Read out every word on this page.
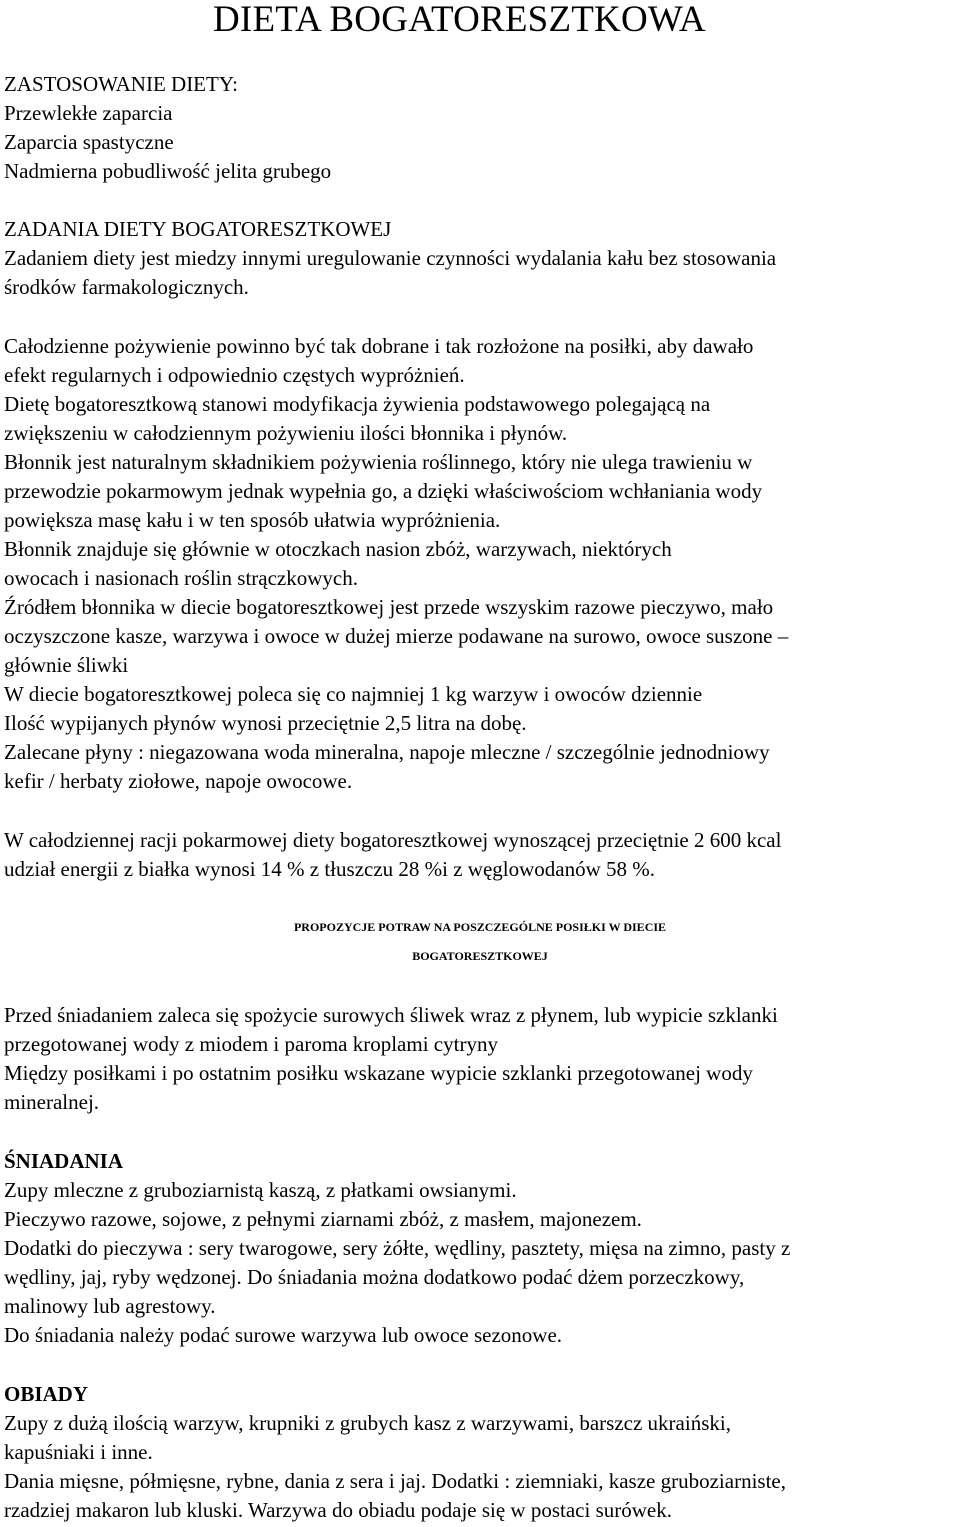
DIETA BOGATORESZTKOWA

ZASTOSOWANIE DIETY:

Przewlekłe zaparcia

Zaparcia spastyczne

Nadmierna pobudliwość jelita grubego

ZADANIA DIETY BOGATORESZTKOWEJ

Zadaniem diety jest miedzy innymi uregulowanie czynności wydalania kału bez stosowania

środków farmakologicznych.

Całodzienne pożywienie powinno być tak dobrane i tak rozłożone na posiłki, aby dawało

efekt regularnych i odpowiednio częstych wypróżnień.

Dietę bogatoresztkową stanowi modyfikacja żywienia podstawowego polegającą na

zwiększeniu w całodziennym pożywieniu ilości błonnika i płynów.

Błonnik jest naturalnym składnikiem pożywienia roślinnego, który nie ulega trawieniu w

przewodzie pokarmowym jednak wypełnia go, a dzięki właściwościom wchłaniania wody

powiększa masę kału i w ten sposób ułatwia wypróżnienia.

Błonnik znajduje się głównie w otoczkach nasion zbóż, warzywach, niektórych

owocach i nasionach roślin strączkowych.

Źródłem błonnika w diecie bogatoresztkowej jest przede wszyskim razowe pieczywo, mało

oczyszczone kasze, warzywa i owoce w dużej mierze podawane na surowo, owoce suszone –

głównie śliwki

W diecie bogatoresztkowej poleca się co najmniej 1 kg warzyw i owoców dziennie

Ilość wypijanych płynów wynosi przeciętnie 2,5 litra na dobę.

Zalecane płyny : niegazowana woda mineralna, napoje mleczne / szczególnie jednodniowy

kefir / herbaty ziołowe, napoje owocowe.

W całodziennej racji pokarmowej diety bogatoresztkowej wynoszącej przeciętnie 2 600 kcal

udział energii z białka wynosi 14 % z tłuszczu 28 %i z węglowodanów 58 %.

PROPOZYCJE POTRAW NA POSZCZEGÓLNE POSIŁKI W DIECIE

BOGATORESZTKOWEJ

Przed śniadaniem zaleca się spożycie surowych śliwek wraz z płynem, lub wypicie szklanki

przegotowanej wody z miodem i paroma kroplami cytryny

Między posiłkami i po ostatnim posiłku wskazane wypicie szklanki przegotowanej wody

mineralnej.

ŚNIADANIA

Zupy mleczne z gruboziarnistą kaszą, z płatkami owsianymi.

Pieczywo razowe, sojowe, z pełnymi ziarnami zbóż, z masłem, majonezem.

Dodatki do pieczywa : sery twarogowe, sery żółte, wędliny, pasztety, mięsa na zimno, pasty z

wędliny, jaj, ryby wędzonej. Do śniadania można dodatkowo podać dżem porzeczkowy,

malinowy lub agrestowy.

Do śniadania należy podać surowe warzywa lub owoce sezonowe.

OBIADY

Zupy z dużą ilością warzyw, krupniki z grubych kasz z warzywami, barszcz ukraiński,

kapuśniaki i inne.

Dania mięsne, półmięsne, rybne, dania z sera i jaj. Dodatki : ziemniaki, kasze gruboziarniste,

rzadziej makaron lub kluski. Warzywa do obiadu podaje się w postaci surówek.
